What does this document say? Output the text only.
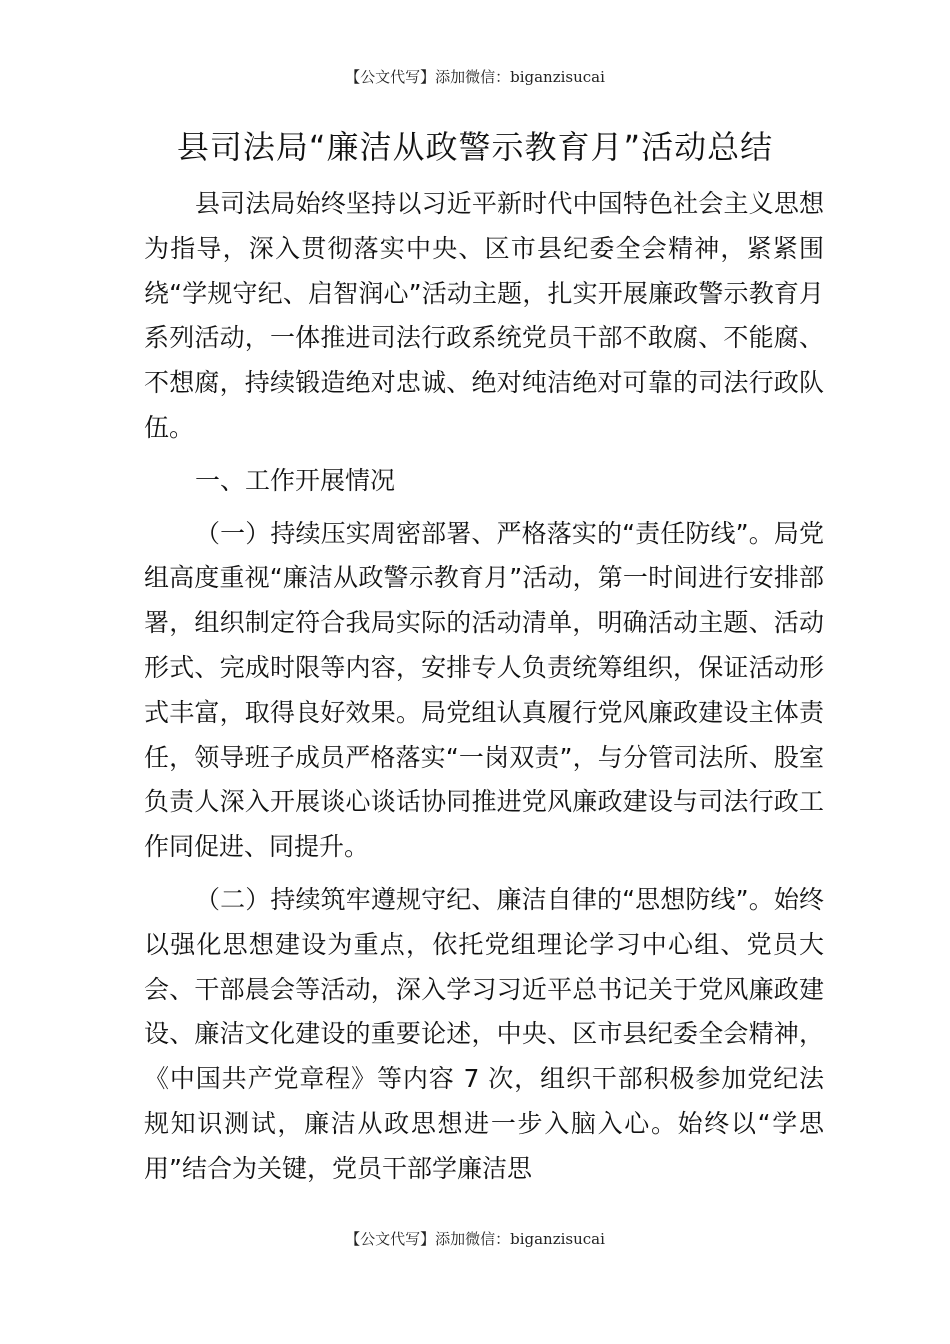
【公文代写】添加微信：biganzisucai
县司法局“廉洁从政警示教育月”活动总结

县司法局始终坚持以习近平新时代中国特色社会主义思想为指导，深入贯彻落实中央、区市县纪委全会精神，紧紧围绕“学规守纪、启智润心”活动主题，扎实开展廉政警示教育月系列活动，一体推进司法行政系统党员干部不敢腐、不能腐、不想腐，持续锻造绝对忠诚、绝对纯洁绝对可靠的司法行政队伍。

一、工作开展情况

（一）持续压实周密部署、严格落实的“责任防线”。局党组高度重视“廉洁从政警示教育月”活动，第一时间进行安排部署，组织制定符合我局实际的活动清单，明确活动主题、活动形式、完成时限等内容，安排专人负责统筹组织，保证活动形式丰富，取得良好效果。局党组认真履行党风廉政建设主体责任，领导班子成员严格落实“一岗双责”，与分管司法所、股室负责人深入开展谈心谈话协同推进党风廉政建设与司法行政工作同促进、同提升。

（二）持续筑牢遵规守纪、廉洁自律的“思想防线”。始终以强化思想建设为重点，依托党组理论学习中心组、党员大会、干部晨会等活动，深入学习习近平总书记关于党风廉政建设、廉洁文化建设的重要论述，中央、区市县纪委全会精神，《中国共产党章程》等内容 7 次，组织干部积极参加党纪法规知识测试，廉洁从政思想进一步入脑入心。始终以“学思用”结合为关键，党员干部学廉洁思

【公文代写】添加微信：biganzisucai
